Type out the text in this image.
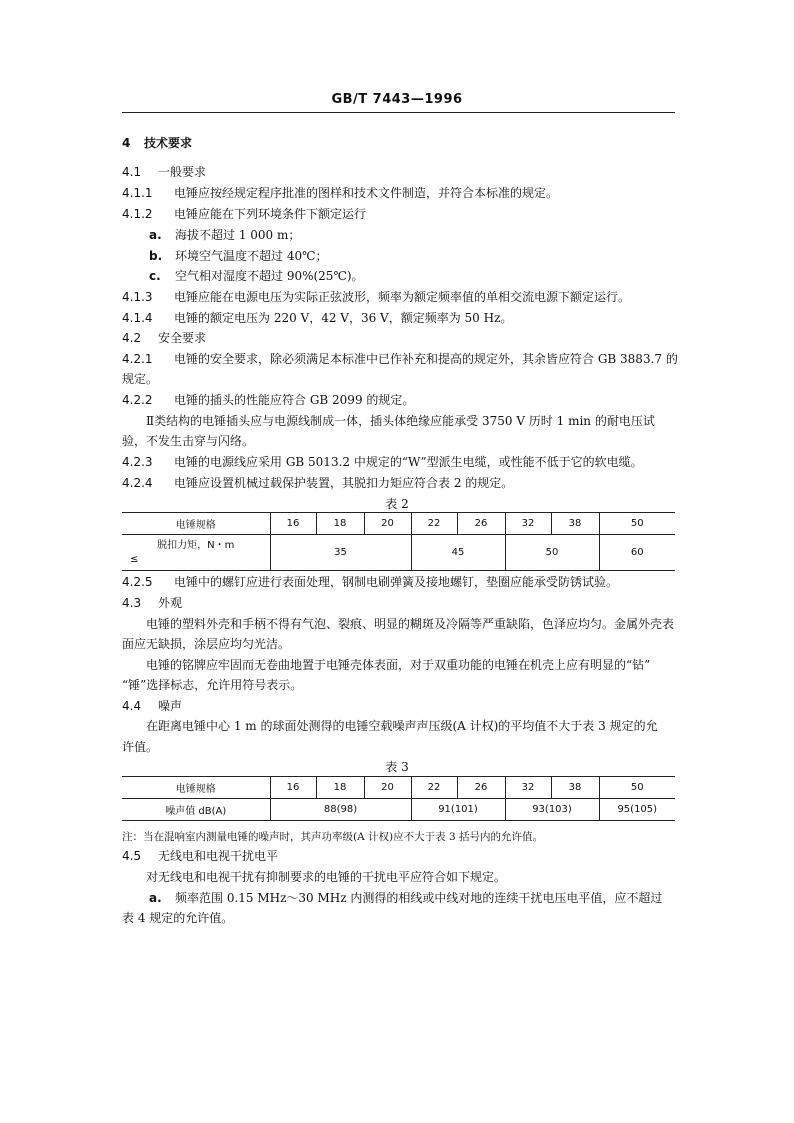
GB/T 7443—1996
4 技术要求
4.1 一般要求
4.1.1 电锤应按经规定程序批准的图样和技术文件制造，并符合本标准的规定。
4.1.2 电锤应能在下列环境条件下额定运行
a. 海拔不超过 1 000 m；
b. 环境空气温度不超过 40℃；
c. 空气相对湿度不超过 90%(25℃)。
4.1.3 电锤应能在电源电压为实际正弦波形，频率为额定频率值的单相交流电源下额定运行。
4.1.4 电锤的额定电压为 220 V，42 V，36 V，额定频率为 50 Hz。
4.2 安全要求
4.2.1 电锤的安全要求，除必须满足本标准中已作补充和提高的规定外，其余皆应符合 GB 3883.7 的
规定。
4.2.2 电锤的插头的性能应符合 GB 2099 的规定。
Ⅱ类结构的电锤插头应与电源线制成一体，插头体绝缘应能承受 3750 V 历时 1 min 的耐电压试
验，不发生击穿与闪络。
4.2.3 电锤的电源线应采用 GB 5013.2 中规定的“W”型派生电缆，或性能不低于它的软电缆。
4.2.4 电锤应设置机械过载保护装置，其脱扣力矩应符合表 2 的规定。
表 2
电锤规格	16	18	20	22	26	32	38	50

脱扣力矩，N・m
≤	35			45		50		60
4.2.5 电锤中的螺钉应进行表面处理，钢制电刷弹簧及接地螺钉，垫圈应能承受防锈试验。
4.3 外观
电锤的塑料外壳和手柄不得有气泡、裂痕、明显的糊斑及冷隔等严重缺陷，色泽应均匀。金属外壳表
面应无缺损，涂层应均匀光洁。
电锤的铭牌应牢固而无卷曲地置于电锤壳体表面，对于双重功能的电锤在机壳上应有明显的“钻”
“锤”选择标志，允许用符号表示。
4.4 噪声
在距离电锤中心 1 m 的球面处测得的电锤空载噪声声压级(A 计权)的平均值不大于表 3 规定的允
许值。
表 3
电锤规格	16	18	20	22	26	32	38	50
噪声值 dB(A)	88(98)			91(101)		93(103)		95(105)
注：当在混响室内测量电锤的噪声时，其声功率级(A 计权)应不大于表 3 括号内的允许值。
4.5 无线电和电视干扰电平
对无线电和电视干扰有抑制要求的电锤的干扰电平应符合如下规定。
a. 频率范围 0.15 MHz～30 MHz 内测得的相线或中线对地的连续干扰电压电平值，应不超过
表 4 规定的允许值。
